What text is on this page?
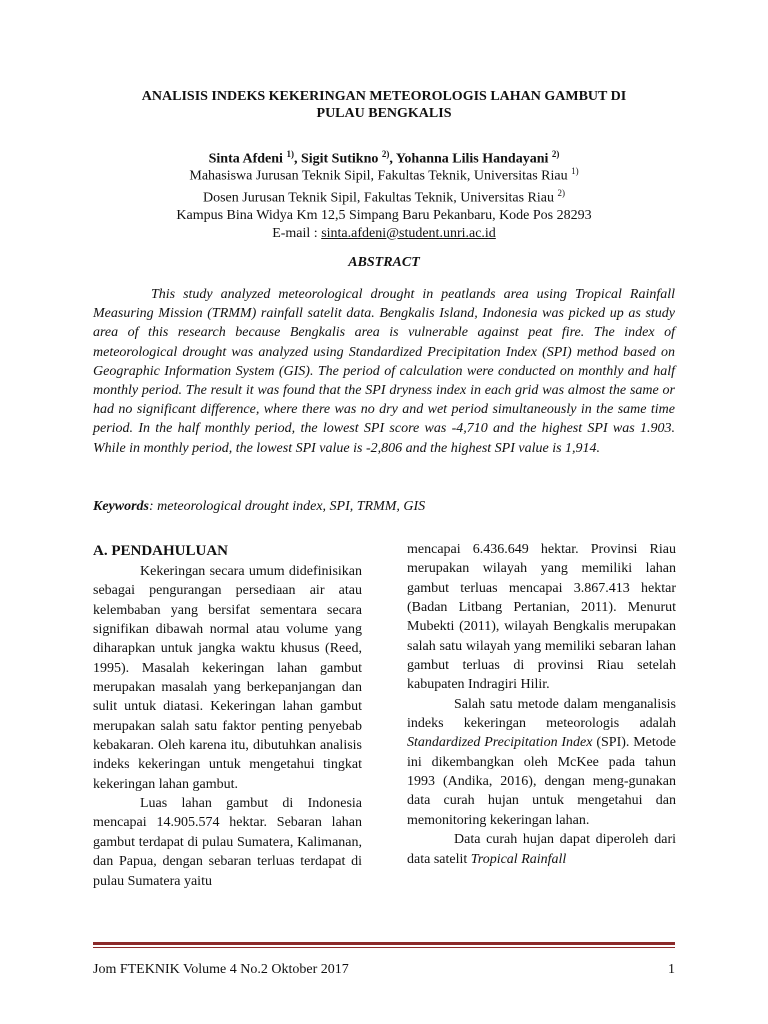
ANALISIS INDEKS KEKERINGAN METEOROLOGIS LAHAN GAMBUT DI
PULAU BENGKALIS
Sinta Afdeni $^{1)}$, Sigit Sutikno $^{2)}$, Yohanna Lilis Handayani $^{2)}$
Mahasiswa Jurusan Teknik Sipil, Fakultas Teknik, Universitas Riau $^{1)}$
Dosen Jurusan Teknik Sipil, Fakultas Teknik, Universitas Riau $^{2)}$
Kampus Bina Widya Km 12,5 Simpang Baru Pekanbaru, Kode Pos 28293
E-mail : sinta.afdeni@student.unri.ac.id
ABSTRACT

This study analyzed meteorological drought in peatlands area using Tropical Rainfall Measuring Mission (TRMM) rainfall satelit data. Bengkalis Island, Indonesia was picked up as study area of this research because Bengkalis area is vulnerable against peat fire. The index of meteorological drought was analyzed using Standardized Precipitation Index (SPI) method based on Geographic Information System (GIS). The period of calculation were conducted on monthly and half monthly period. The result it was found that the SPI dryness index in each grid was almost the same or had no significant difference, where there was no dry and wet period simultaneously in the same time period. In the half monthly period, the lowest SPI score was -4,710 and the highest SPI was 1.903. While in monthly period, the lowest SPI value is -2,806 and the highest SPI value is 1,914.

Keywords: meteorological drought index, SPI, TRMM, GIS

A. PENDAHULUAN

Kekeringan secara umum didefinisikan sebagai pengurangan persediaan air atau kelembaban yang bersifat sementara secara signifikan dibawah normal atau volume yang diharapkan untuk jangka waktu khusus (Reed, 1995). Masalah kekeringan lahan gambut merupakan masalah yang berkepanjangan dan sulit untuk diatasi. Kekeringan lahan gambut merupakan salah satu faktor penting penyebab kebakaran. Oleh karena itu, dibutuhkan analisis indeks kekeringan untuk mengetahui tingkat kekeringan lahan gambut.

Luas lahan gambut di Indonesia mencapai 14.905.574 hektar. Sebaran lahan gambut terdapat di pulau Sumatera, Kalimanan, dan Papua, dengan sebaran terluas terdapat di pulau Sumatera yaitu

mencapai 6.436.649 hektar. Provinsi Riau merupakan wilayah yang memiliki lahan gambut terluas mencapai 3.867.413 hektar (Badan Litbang Pertanian, 2011). Menurut Mubekti (2011), wilayah Bengkalis merupakan salah satu wilayah yang memiliki sebaran lahan gambut terluas di provinsi Riau setelah kabupaten Indragiri Hilir.

Salah satu metode dalam menganalisis indeks kekeringan meteorologis adalah Standardized Precipitation Index (SPI). Metode ini dikembangkan oleh McKee pada tahun 1993 (Andika, 2016), dengan meng-gunakan data curah hujan untuk mengetahui dan memonitoring kekeringan lahan.

Data curah hujan dapat diperoleh dari data satelit Tropical Rainfall

Jom FTEKNIK Volume 4 No.2 Oktober 2017	1
